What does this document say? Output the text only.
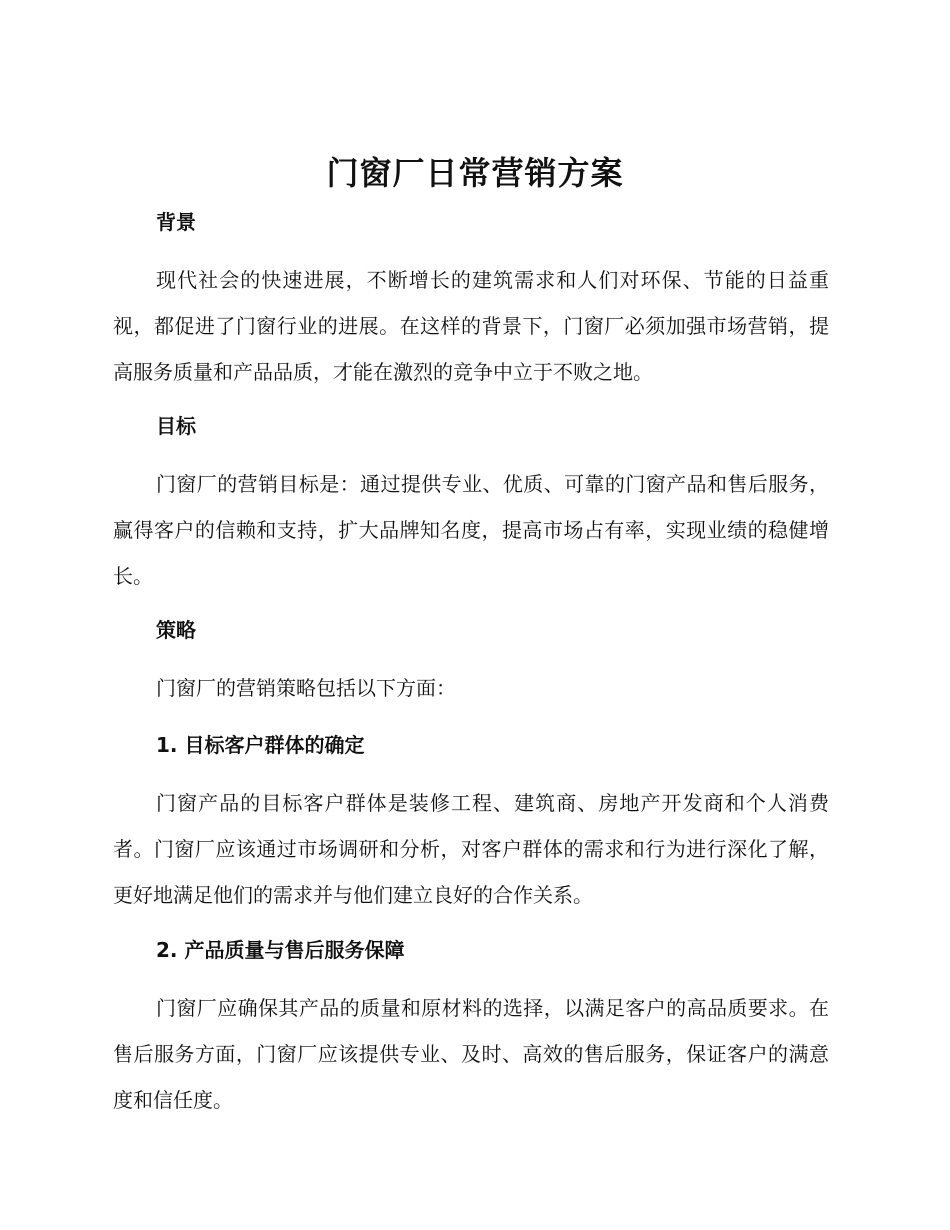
门窗厂日常营销方案
背景
现代社会的快速进展，不断增长的建筑需求和人们对环保、节能的日益重视，都促进了门窗行业的进展。在这样的背景下，门窗厂必须加强市场营销，提高服务质量和产品品质，才能在激烈的竞争中立于不败之地。
目标
门窗厂的营销目标是：通过提供专业、优质、可靠的门窗产品和售后服务，赢得客户的信赖和支持，扩大品牌知名度，提高市场占有率，实现业绩的稳健增长。
策略
门窗厂的营销策略包括以下方面：
1. 目标客户群体的确定
门窗产品的目标客户群体是装修工程、建筑商、房地产开发商和个人消费者。门窗厂应该通过市场调研和分析，对客户群体的需求和行为进行深化了解，更好地满足他们的需求并与他们建立良好的合作关系。
2. 产品质量与售后服务保障
门窗厂应确保其产品的质量和原材料的选择，以满足客户的高品质要求。在售后服务方面，门窗厂应该提供专业、及时、高效的售后服务，保证客户的满意度和信任度。
